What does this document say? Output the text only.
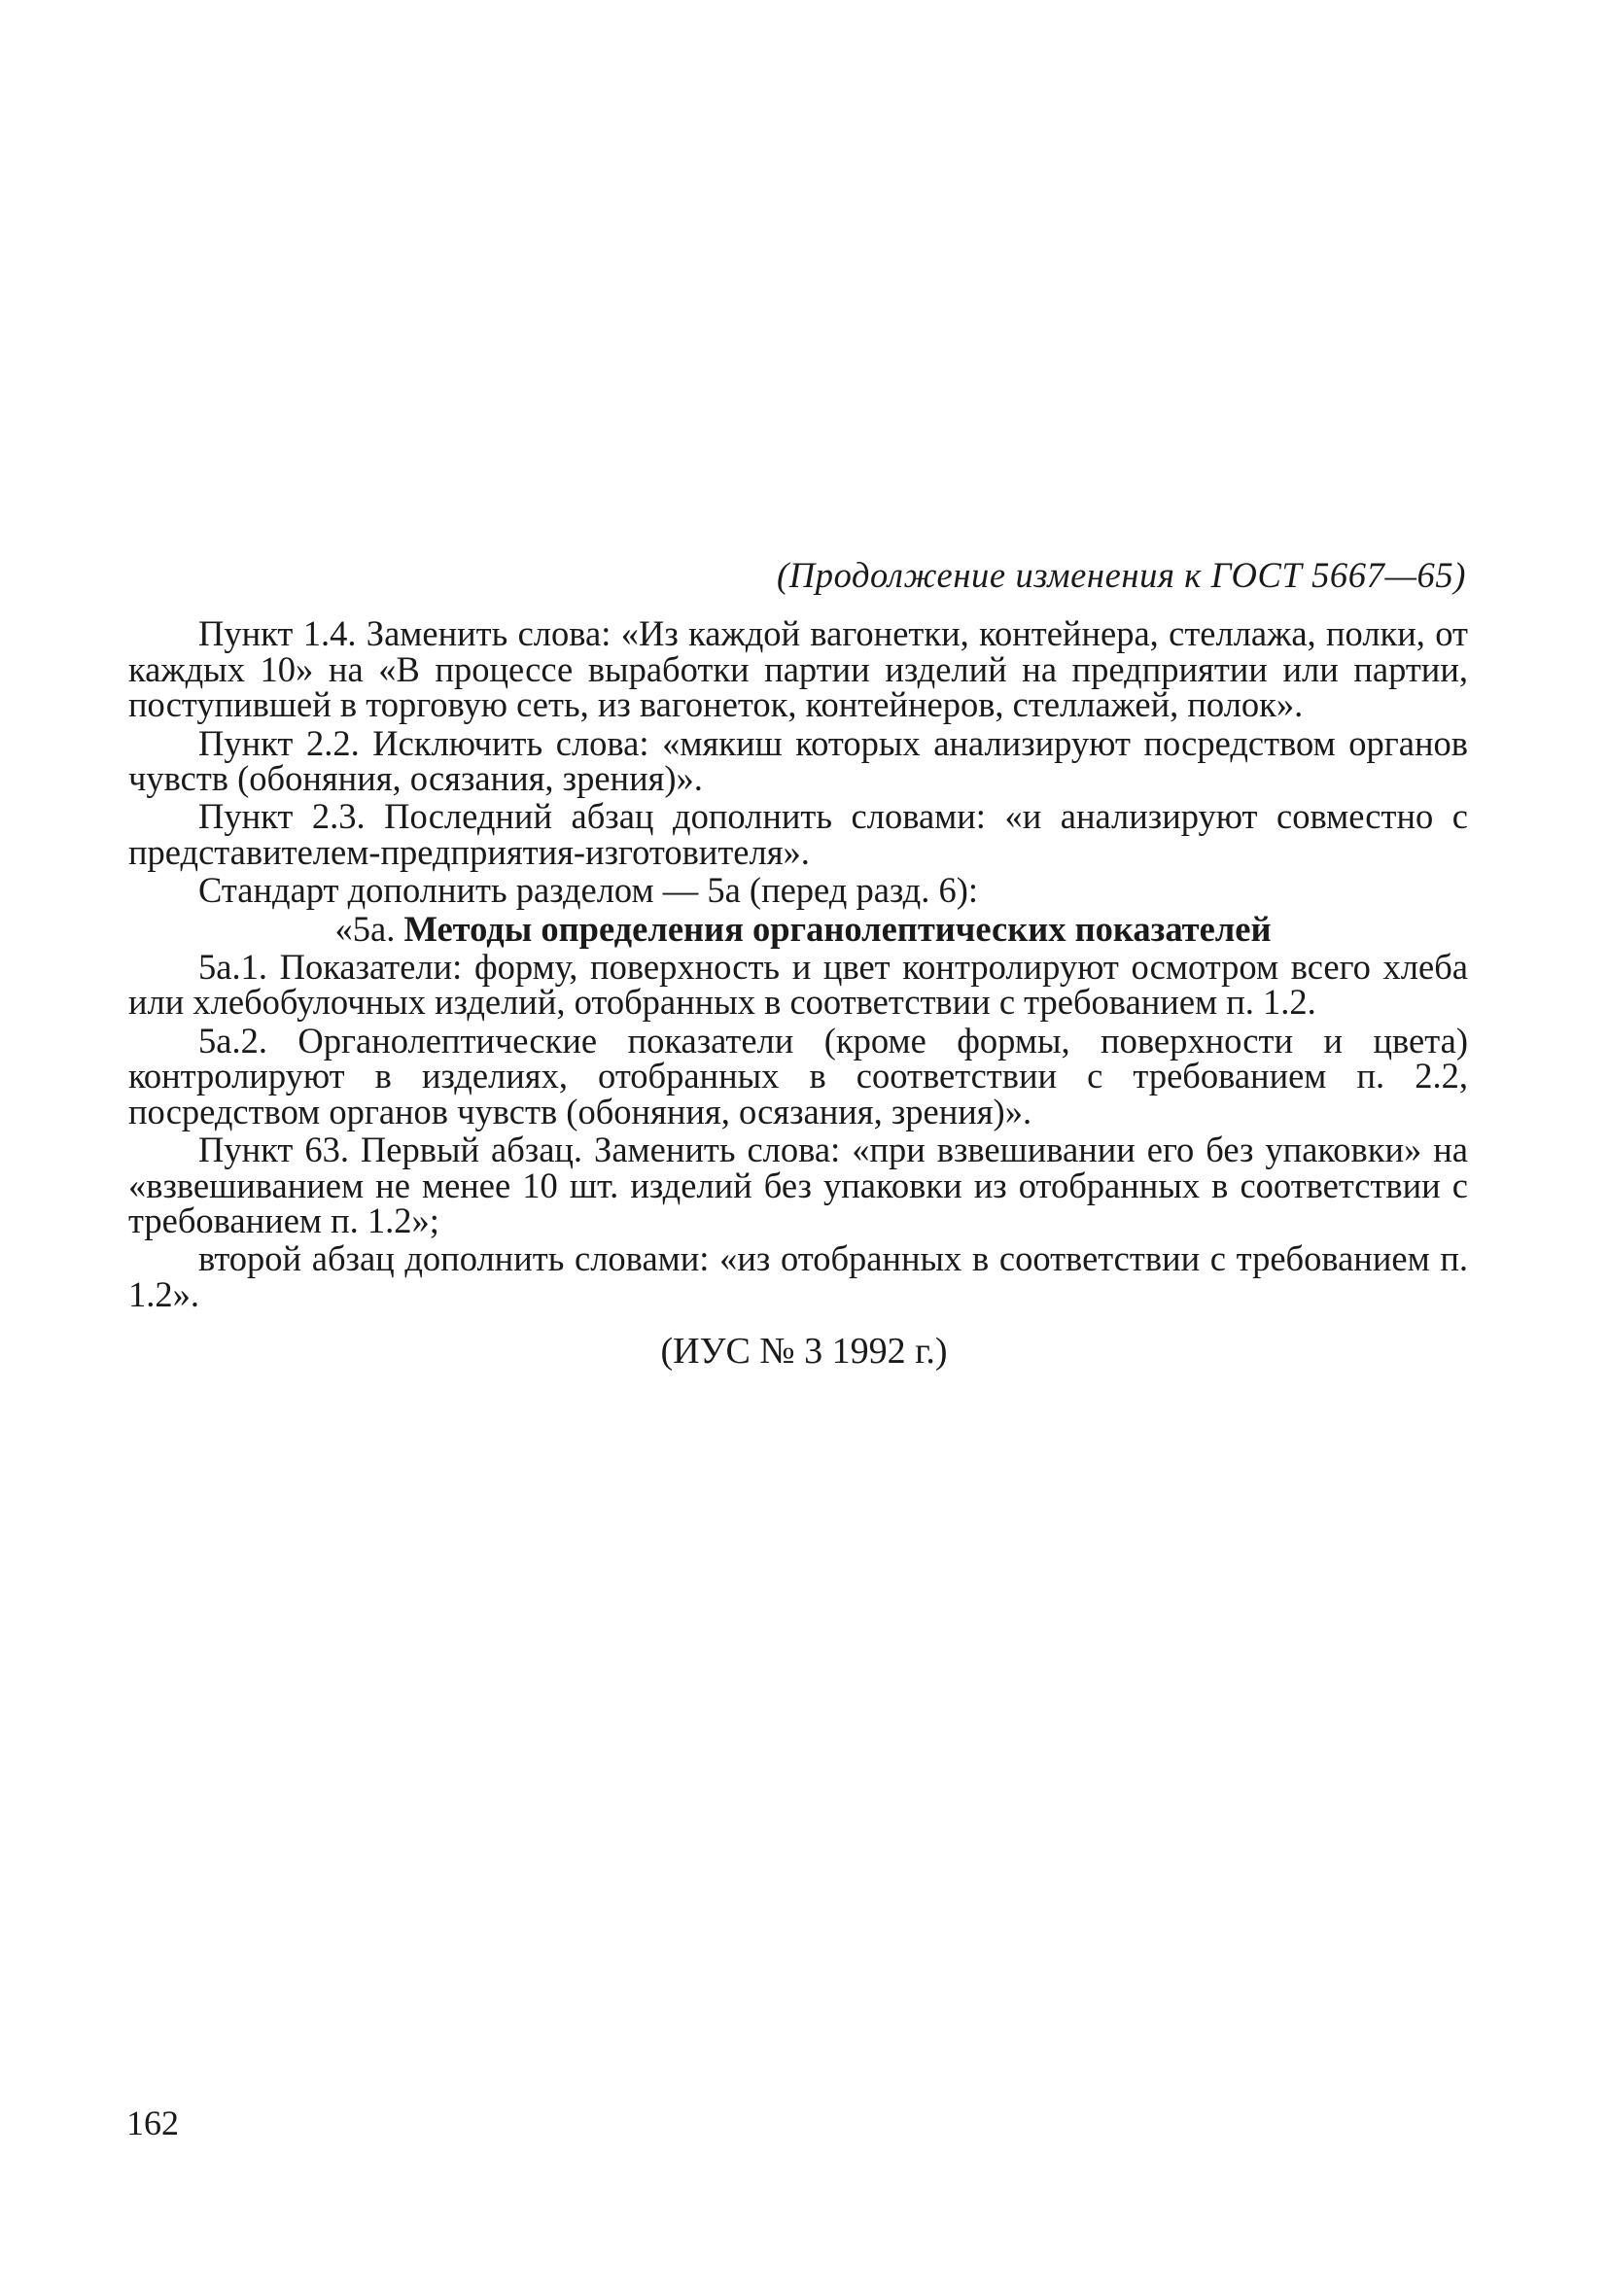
(Продолжение изменения к ГОСТ 5667—65)

Пункт 1.4. Заменить слова: «Из каждой вагонетки, контейнера, стеллажа, полки, от каждых 10» на «В процессе выработки партии изделий на предприятии или партии, поступившей в торговую сеть, из вагонеток, контейнеров, стеллажей, полок».

Пункт 2.2. Исключить слова: «мякиш которых анализируют посредством органов чувств (обоняния, осязания, зрения)».

Пункт 2.3. Последний абзац дополнить словами: «и анализируют совместно с представителем-предприятия-изготовителя».

Стандарт дополнить разделом — 5а (перед разд. 6):

«5а. Методы определения органолептических показателей

5а.1. Показатели: форму, поверхность и цвет контролируют осмотром всего хлеба или хлебобулочных изделий, отобранных в соответствии с требованием п. 1.2.

5а.2. Органолептические показатели (кроме формы, поверхности и цвета) контролируют в изделиях, отобранных в соответствии с требованием п. 2.2, посредством органов чувств (обоняния, осязания, зрения)».

Пункт 63. Первый абзац. Заменить слова: «при взвешивании его без упаковки» на «взвешиванием не менее 10 шт. изделий без упаковки из отобранных в соответствии с требованием п. 1.2»;

второй абзац дополнить словами: «из отобранных в соответствии с требованием п. 1.2».

(ИУС № 3 1992 г.)

162
